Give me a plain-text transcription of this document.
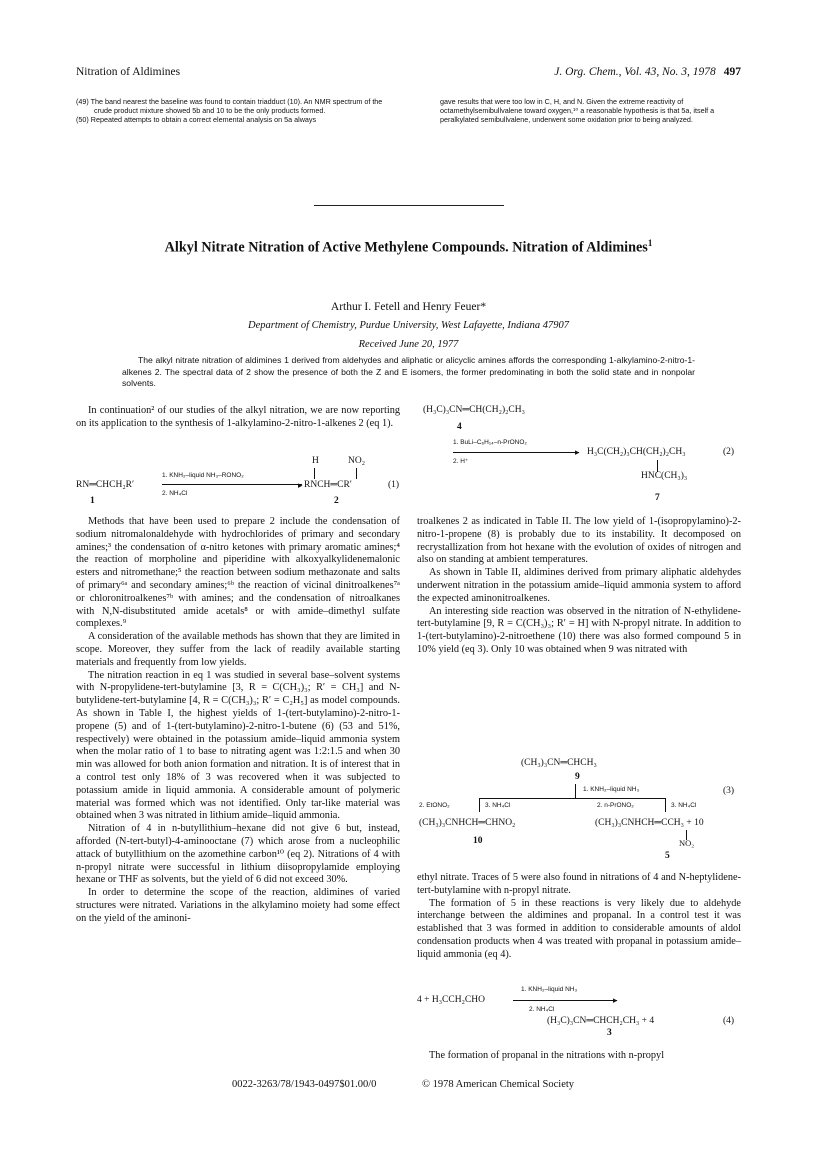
Nitration of Aldimines	J. Org. Chem., Vol. 43, No. 3, 1978 497

(49) The band nearest the baseline was found to contain triadduct (10). An NMR spectrum of the crude product mixture showed 5b and 10 to be the only products formed.

(50) Repeated attempts to obtain a correct elemental analysis on 5a always

gave results that were too low in C, H, and N. Given the extreme reactivity of octamethylsemibullvalene toward oxygen,¹⁰ a reasonable hypothesis is that 5a, itself a peralkylated semibullvalene, underwent some oxidation prior to being analyzed.
Alkyl Nitrate Nitration of Active Methylene Compounds. Nitration of Aldimines$^1$
Arthur I. Fetell and Henry Feuer*
Department of Chemistry, Purdue University, West Lafayette, Indiana 47907
Received June 20, 1977
The alkyl nitrate nitration of aldimines 1 derived from aldehydes and aliphatic or alicyclic amines affords the corresponding 1-alkylamino-2-nitro-1-alkenes 2. The spectral data of 2 show the presence of both the Z and E isomers, the former predominating in both the solid state and in nonpolar solvents.

In continuation² of our studies of the alkyl nitration, we are now reporting on its application to the synthesis of 1-alkylamino-2-nitro-1-alkenes 2 (eq 1).

H	NO₂
1. KNH₂–liquid NH₃–RONO₂
▸
RN═CHCH₂R′	RNCH═CR′	(1)
2. NH₄Cl
1	2

Methods that have been used to prepare 2 include the condensation of sodium nitromalonaldehyde with hydrochlorides of primary and secondary amines;³ the condensation of α-nitro ketones with primary aromatic amines;⁴ the reaction of morpholine and piperidine with alkoxyalkylidenemalonic esters and nitromethane;⁵ the reaction between sodium methazonate and salts of primary⁶ᵃ and secondary amines;⁶ᵇ the reaction of vicinal dinitroalkenes⁷ᵃ or chloronitroalkenes⁷ᵇ with amines; and the condensation of nitroalkanes with N,N-disubstituted amide acetals⁸ or with amide–dimethyl sulfate complexes.⁹

A consideration of the available methods has shown that they are limited in scope. Moreover, they suffer from the lack of readily available starting materials and frequently from low yields.

The nitration reaction in eq 1 was studied in several base–solvent systems with N-propylidene-tert-butylamine [3, R = C(CH₃)₃; R′ = CH₃] and N-butylidene-tert-butylamine [4, R = C(CH₃)₃; R′ = C₂H₅] as model compounds. As shown in Table I, the highest yields of 1-(tert-butylamino)-2-nitro-1-propene (5) and of 1-(tert-butylamino)-2-nitro-1-butene (6) (53 and 51%, respectively) were obtained in the potassium amide–liquid ammonia system when the molar ratio of 1 to base to nitrating agent was 1:2:1.5 and when 30 min was allowed for both anion formation and nitration. It is of interest that in a control test only 18% of 3 was recovered when it was subjected to potassium amide in liquid ammonia. A considerable amount of polymeric material was formed which was not identified. Only tar-like material was obtained when 3 was nitrated in lithium amide–liquid ammonia.

Nitration of 4 in n-butyllithium–hexane did not give 6 but, instead, afforded (N-tert-butyl)-4-aminooctane (7) which arose from a nucleophilic attack of butyllithium on the azomethine carbon¹⁰ (eq 2). Nitrations of 4 with n-propyl nitrate were successful in lithium diisopropylamide employing hexane or THF as solvents, but the yield of 6 did not exceed 30%.

In order to determine the scope of the reaction, aldimines of varied structures were nitrated. Variations in the alkylamino moiety had some effect on the yield of the aminoni-

(H₃C)₃CN═CH(CH₂)₂CH₃
4
1. BuLi–C₆H₁₄–n-PrONO₂
▸ H₃C(CH₂)₃CH(CH₂)₂CH₃	(2)
2. H⁺
HNC(CH₃)₃
7

troalkenes 2 as indicated in Table II. The low yield of 1-(isopropylamino)-2-nitro-1-propene (8) is probably due to its instability. It decomposed on recrystallization from hot hexane with the evolution of oxides of nitrogen and also on standing at ambient temperatures.

As shown in Table II, aldimines derived from primary aliphatic aldehydes underwent nitration in the potassium amide–liquid ammonia system to afford the expected aminonitroalkenes.

An interesting side reaction was observed in the nitration of N-ethylidene-tert-butylamine [9, R = C(CH₃)₃; R′ = H] with N-propyl nitrate. In addition to 1-(tert-butylamino)-2-nitroethene (10) there was also formed compound 5 in 10% yield (eq 3). Only 10 was obtained when 9 was nitrated with

(CH₃)₃CN═CHCH₃
9
1. KNH₂–liquid NH₃	(3)
2. EtONO₂	3. NH₄Cl	2. n-PrONO₂	3. NH₄Cl
(CH₃)₃CNHCH═CHNO₂	(CH₃)₃CNHCH═CCH₃ + 10
10	NO₂
5

ethyl nitrate. Traces of 5 were also found in nitrations of 4 and N-heptylidene-tert-butylamine with n-propyl nitrate.

The formation of 5 in these reactions is very likely due to aldehyde interchange between the aldimines and propanal. In a control test it was established that 3 was formed in addition to considerable amounts of aldol condensation products when 4 was treated with propanal in potassium amide–liquid ammonia (eq 4).

1. KNH₂–liquid NH₃
4 + H₃CCH₂CHO	▸
2. NH₄Cl
(H₃C)₃CN═CHCH₂CH₃ + 4	(4)
3

The formation of propanal in the nitrations with n-propyl

0022-3263/78/1943-0497$01.00/0	© 1978 American Chemical Society
